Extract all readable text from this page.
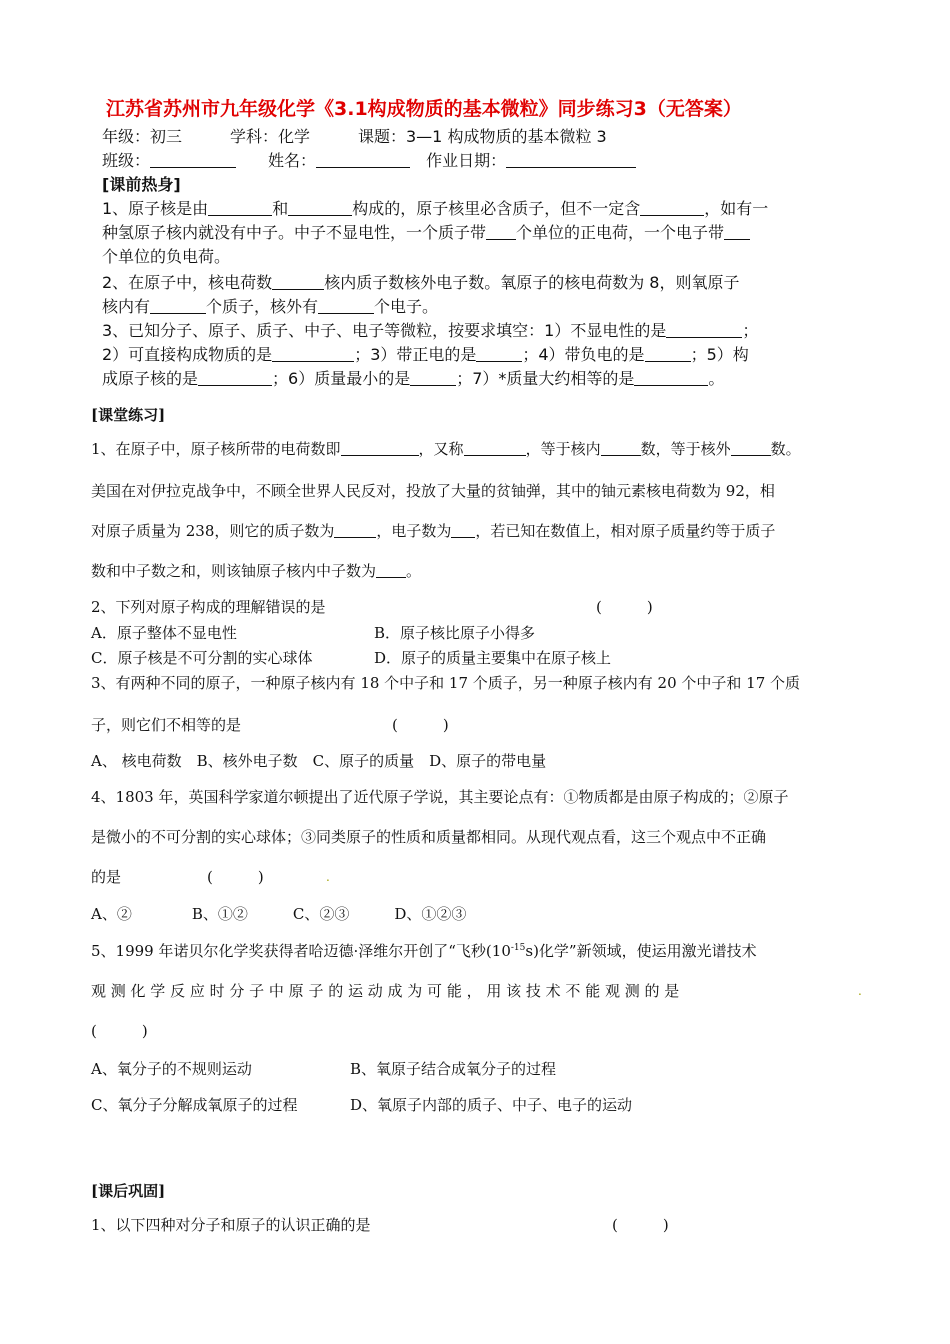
江苏省苏州市九年级化学《3.1构成物质的基本微粒》同步练习3（无答案）
年级：初三　　　学科：化学　　　课题：3—1 构成物质的基本微粒 3
班级：　　	姓名：　	作业日期：
[课前热身]
1、原子核是由	和	构成的，原子核里必含质子，但不一定含	，如有一
种氢原子核内就没有中子。中子不显电性，一个质子带 个单位的正电荷，一个电子带
个单位的负电荷。
2、在原子中，核电荷数	核内质子数核外电子数。氧原子的核电荷数为 8，则氧原子
核内有	个质子，核外有	个电子。
3、已知分子、原子、质子、中子、电子等微粒，按要求填空：1）不显电性的是	；
2）可直接构成物质的是	；3）带正电的是	；4）带负电的是	；5）构
成原子核的是	；6）质量最小的是	；7）*质量大约相等的是	。
[课堂练习]
1、在原子中，原子核所带的电荷数即	，又称	，等于核内	数，等于核外	数。
美国在对伊拉克战争中，不顾全世界人民反对，投放了大量的贫铀弹，其中的铀元素核电荷数为 92，相
对原子质量为 238，则它的质子数为	，电子数为 ，若已知在数值上，相对原子质量约等于质子
数和中子数之和，则该铀原子核内中子数为 。
2、下列对原子构成的理解错误的是	(　　　)
A．原子整体不显电性	B．原子核比原子小得多
C．原子核是不可分割的实心球体	D．原子的质量主要集中在原子核上
3、有两种不同的原子，一种原子核内有 18 个中子和 17 个质子，另一种原子核内有 20 个中子和 17 个质
子，则它们不相等的是	(　　　)
A、 核电荷数　B、核外电子数　C、原子的质量　D、原子的带电量
4、1803 年，英国科学家道尔顿提出了近代原子学说，其主要论点有：①物质都是由原子构成的；②原子
是微小的不可分割的实心球体；③同类原子的性质和质量都相同。从现代观点看，这三个观点中不正确
的是	(　　　)	.
A、②　　　　B、①②　　　C、②③　　　D、①②③
5、1999 年诺贝尔化学奖获得者哈迈德·泽维尔开创了“飞秒$(10^{-15}s)$化学”新领域，使运用激光谱技术
观 测 化 学 反 应 时 分 子 中 原 子 的 运 动 成 为 可 能 ， 用 该 技 术 不 能 观 测 的 是	.
(　　　)
A、氧分子的不规则运动	B、氧原子结合成氧分子的过程
C、氧分子分解成氧原子的过程	D、氧原子内部的质子、中子、电子的运动
[课后巩固]
1、以下四种对分子和原子的认识正确的是	(　　　)
